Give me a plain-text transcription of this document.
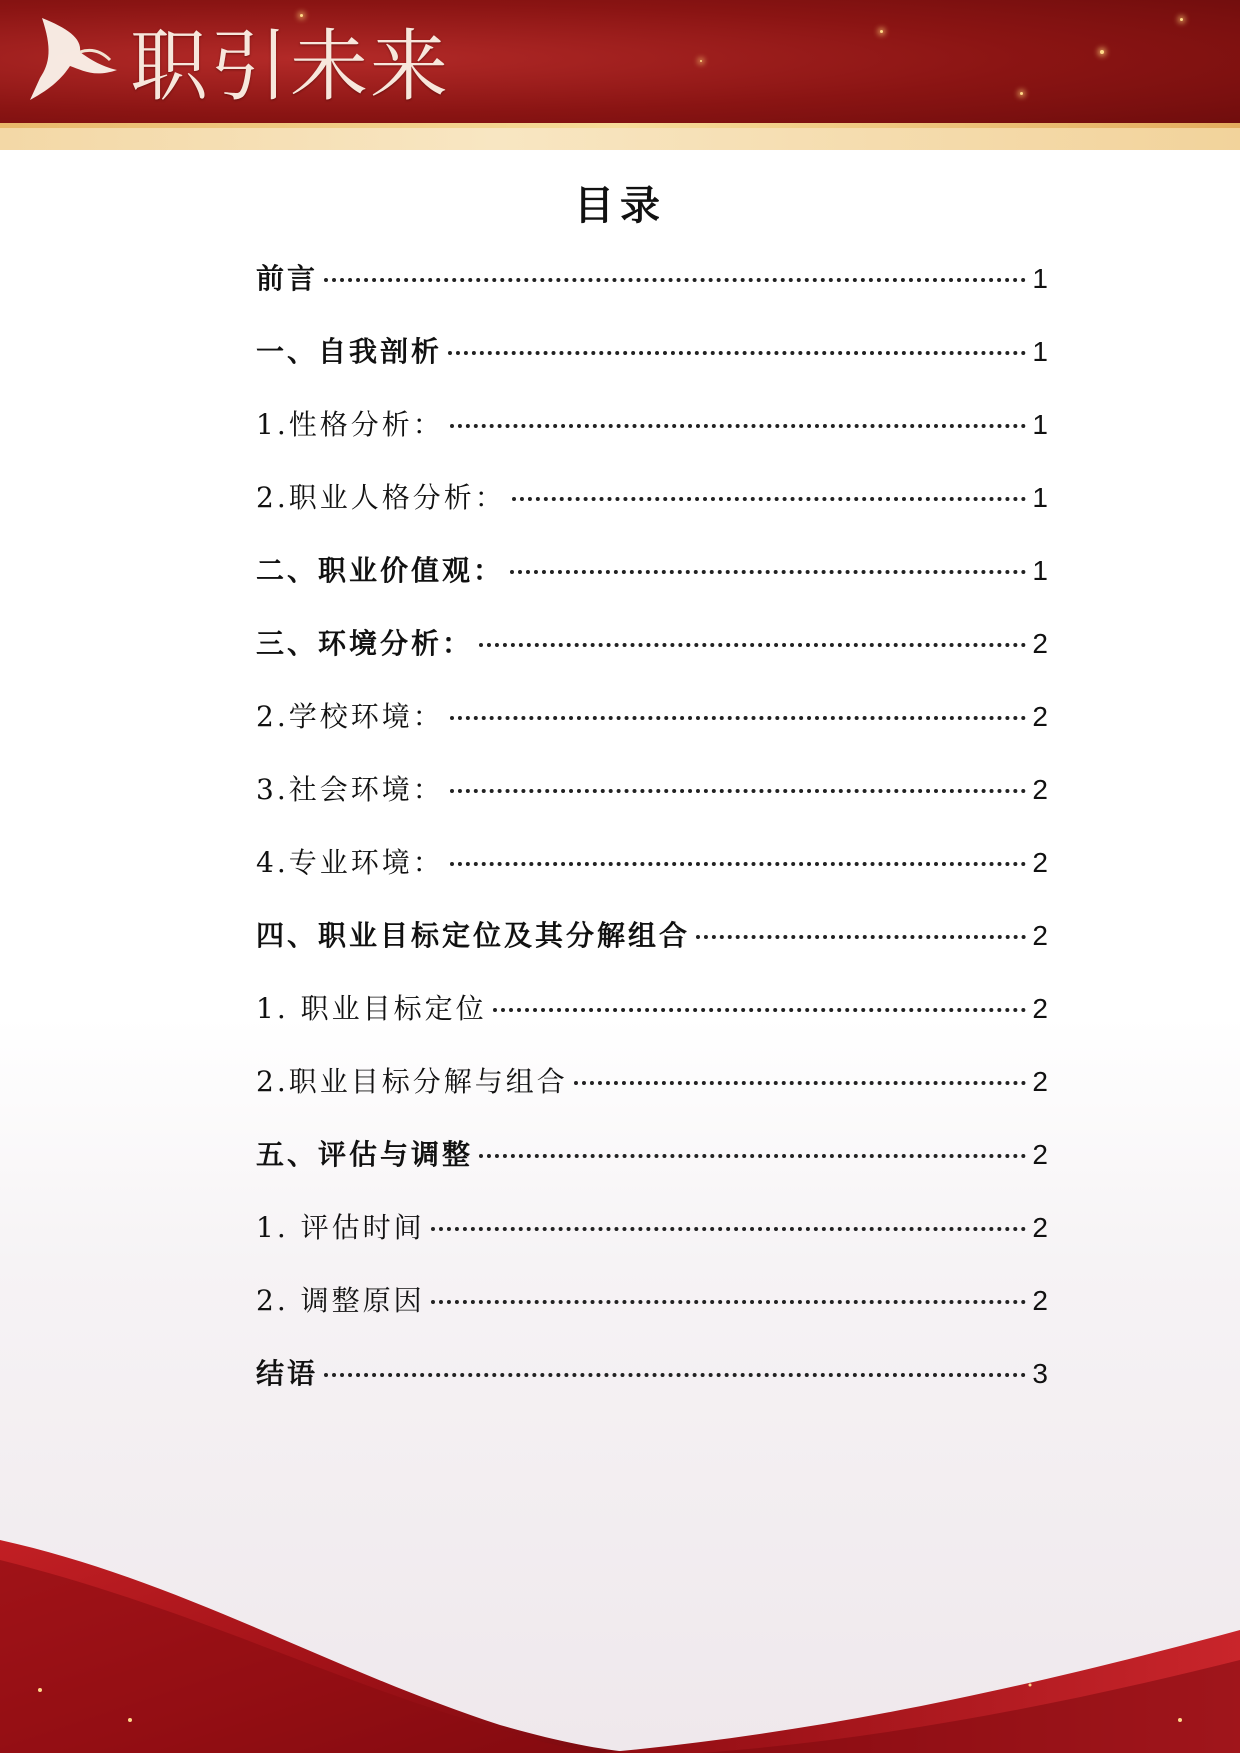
职引未来
目录
前言	1
一、自我剖析	1
1.性格分析：	1
2.职业人格分析：	1
二、职业价值观：	1
三、环境分析：	2
2.学校环境：	2
3.社会环境：	2
4.专业环境：	2
四、职业目标定位及其分解组合	2
1. 职业目标定位	2
2.职业目标分解与组合	2
五、评估与调整	2
1. 评估时间	2
2. 调整原因	2
结语	3
